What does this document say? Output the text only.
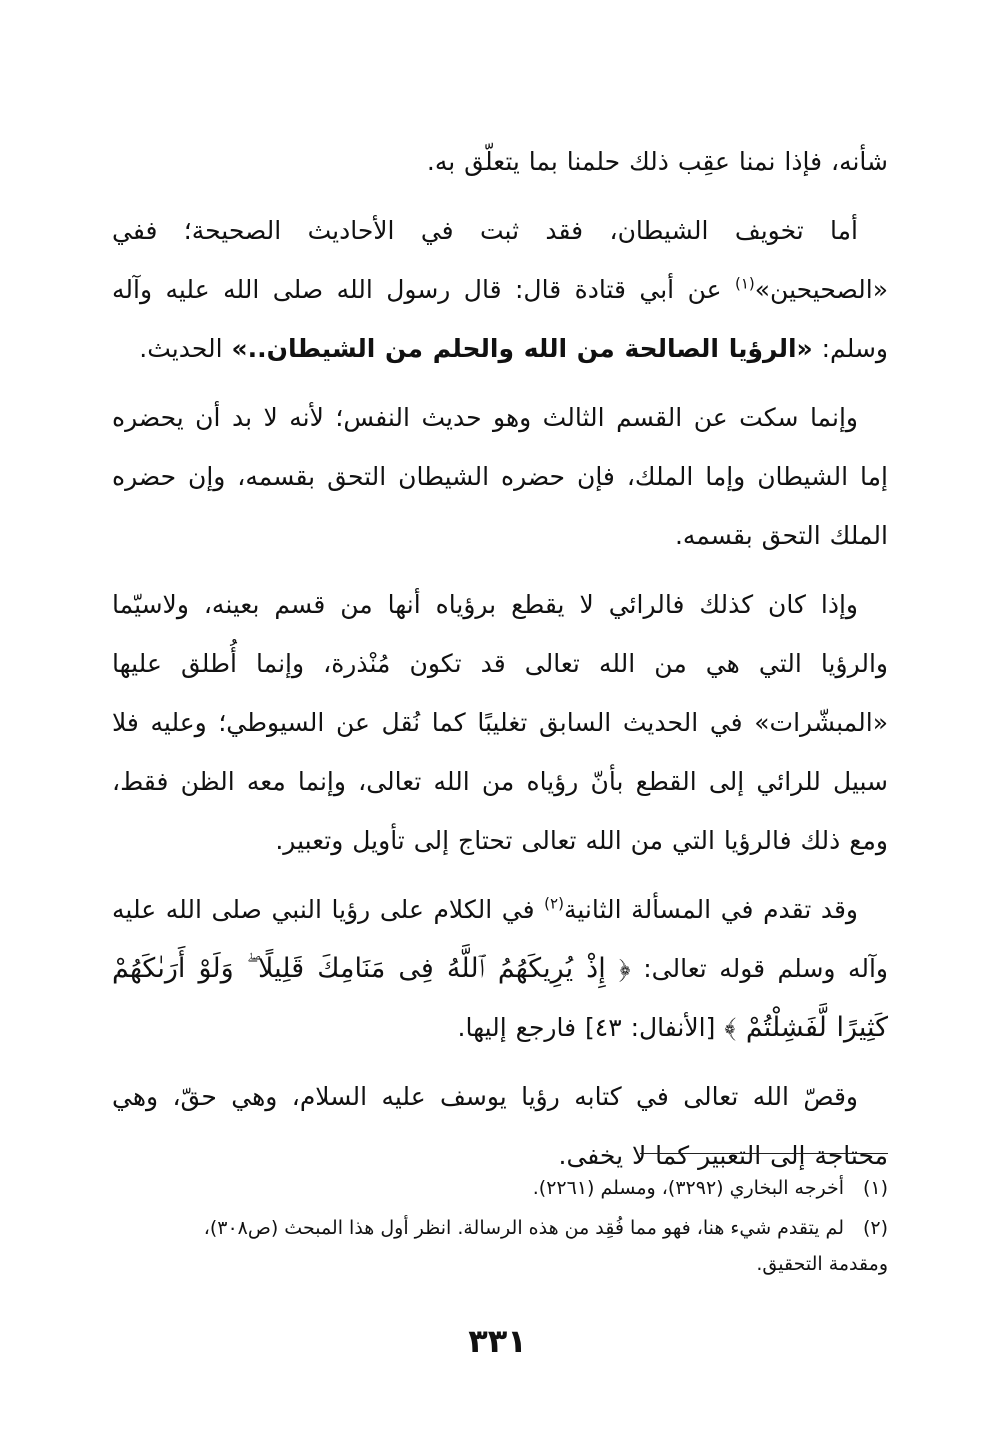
شأنه، فإذا نمنا عقِب ذلك حلمنا بما يتعلّق به.

أما تخويف الشيطان، فقد ثبت في الأحاديث الصحيحة؛ ففي «الصحيحين»$^{(١)}$ عن أبي قتادة قال: قال رسول الله صلى الله عليه وآله وسلم: «الرؤيا الصالحة من الله والحلم من الشيطان..» الحديث.

وإنما سكت عن القسم الثالث وهو حديث النفس؛ لأنه لا بد أن يحضره إما الشيطان وإما الملك، فإن حضره الشيطان التحق بقسمه، وإن حضره الملك التحق بقسمه.

وإذا كان كذلك فالرائي لا يقطع برؤياه أنها من قسم بعينه، ولاسيّما والرؤيا التي هي من الله تعالى قد تكون مُنْذرة، وإنما أُطلق عليها «المبشّرات» في الحديث السابق تغليبًا كما نُقل عن السيوطي؛ وعليه فلا سبيل للرائي إلى القطع بأنّ رؤياه من الله تعالى، وإنما معه الظن فقط، ومع ذلك فالرؤيا التي من الله تعالى تحتاج إلى تأويل وتعبير.

وقد تقدم في المسألة الثانية$^{(٢)}$ في الكلام على رؤيا النبي صلى الله عليه وآله وسلم قوله تعالى: ﴿ إِذْ يُرِيكَهُمُ ٱللَّهُ فِى مَنَامِكَ قَلِيلًا ۖ وَلَوْ أَرَىٰكَهُمْ كَثِيرًا لَّفَشِلْتُمْ ﴾ [الأنفال: ٤٣] فارجع إليها.

وقصّ الله تعالى في كتابه رؤيا يوسف عليه السلام، وهي حقّ، وهي محتاجة إلى التعبير كما لا يخفى.

(١)أخرجه البخاري (٣٢٩٢)، ومسلم (٢٢٦١).

(٢)لم يتقدم شيء هنا، فهو مما فُقِد من هذه الرسالة. انظر أول هذا المبحث (ص٣٠٨)،
ومقدمة التحقيق.

٣٣١
